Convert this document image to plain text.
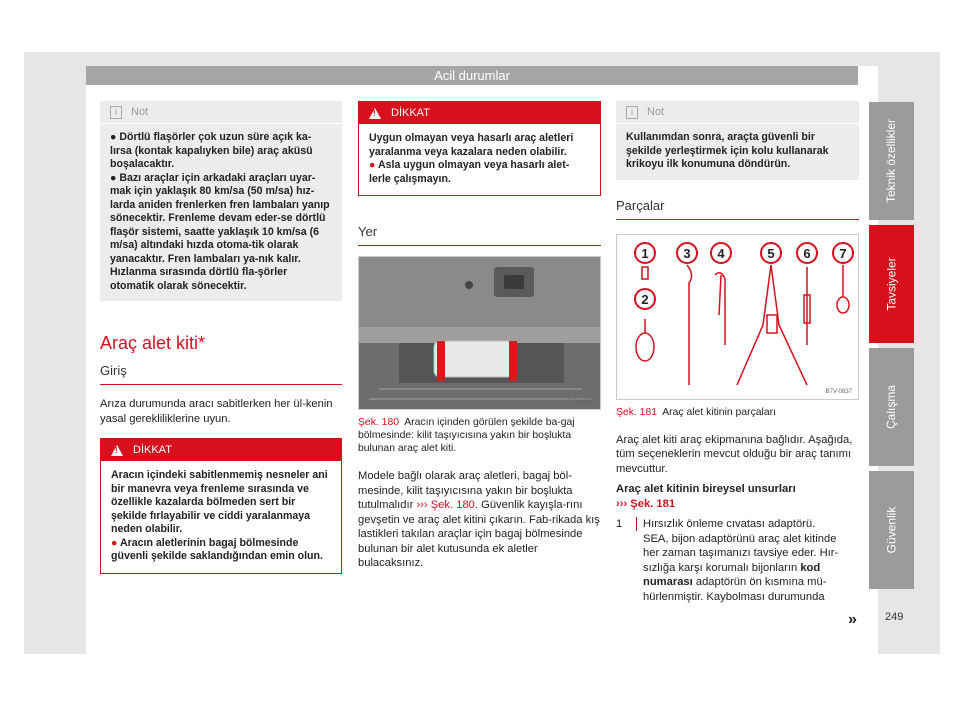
Acil durumlar
Teknik özellikler
Tavsiyeler
Çalışma
Güvenlik
249
i	Not
● Dörtlü flaşörler çok uzun süre açık ka-lırsa (kontak kapalıyken bile) araç aküsü boşalacaktır.
● Bazı araçlar için arkadaki araçları uyar-mak için yaklaşık 80 km/sa (50 m/sa) hız-larda aniden frenlerken fren lambaları yanıp sönecektir. Frenleme devam eder-se dörtlü flaşör sistemi, saatte yaklaşık 10 km/sa (6 m/sa) altındaki hızda otoma-tik olarak yanacaktır. Fren lambaları ya-nık kalır. Hızlanma sırasında dörtlü fla-şörler otomatik olarak sönecektir.
Araç alet kiti*
Giriş
Arıza durumunda aracı sabitlerken her ül-kenin yasal gerekliliklerine uyun.
!
DİKKAT
Aracın içindeki sabitlenmemiş nesneler ani bir manevra veya frenleme sırasında ve özellikle kazalarda bölmeden sert bir şekilde fırlayabilir ve ciddi yaralanmaya neden olabilir.
● Aracın aletlerinin bagaj bölmesinde güvenli şekilde saklandığından emin olun.
!
DİKKAT
Uygun olmayan veya hasarlı araç aletleri yaralanma veya kazalara neden olabilir.
● Asla uygun olmayan veya hasarlı alet-lerle çalışmayın.
Yer
B7V-0790
Şek. 180 Aracın içinden görülen şekilde ba-gaj bölmesinde: kilit taşıyıcısına yakın bir boşlukta bulunan araç alet kiti.
Modele bağlı olarak araç aletleri, bagaj böl-mesinde, kilit taşıyıcısına yakın bir boşlukta tutulmalıdır ››› Şek. 180. Güvenlik kayışla-rını gevşetin ve araç alet kitini çıkarın. Fab-rikada kış lastikleri takılan araçlar için bagaj bölmesinde bulunan bir alet kutusunda ek aletler bulacaksınız.
i	Not
Kullanımdan sonra, araçta güvenli bir şekilde yerleştirmek için kolu kullanarak krikoyu ilk konumuna döndürün.
Parçalar
1
2
3 4	5 6 7
B7V-0837
Şek. 181 Araç alet kitinin parçaları
Araç alet kiti araç ekipmanına bağlıdır. Aşağıda, tüm seçeneklerin mevcut olduğu bir araç tanımı mevcuttur.
Araç alet kitinin bireysel unsurları
››› Şek. 181
1	Hırsızlık önleme cıvatası adaptörü. SEA, bijon adaptörünü araç alet kitinde her zaman taşımanızı tavsiye eder. Hır-sızlığa karşı korumalı bijonların kod numarası adaptörün ön kısmına mü-hürlenmiştir. Kaybolması durumunda
»
